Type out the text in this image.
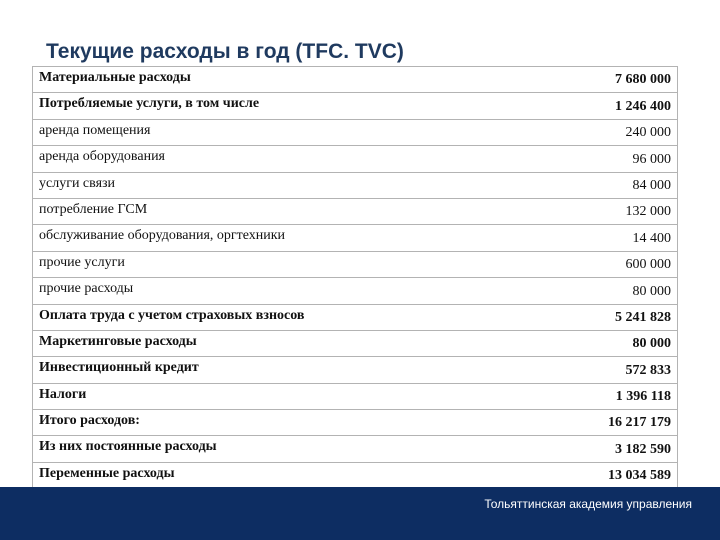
Текущие расходы в год (TFC. TVC)
Материальные расходы	7 680 000
Потребляемые услуги, в том числе	1 246 400
аренда помещения	240 000
аренда оборудования	96 000
услуги связи	84 000
потребление ГСМ	132 000
обслуживание оборудования, оргтехники	14 400
прочие услуги	600 000
прочие расходы	80 000
Оплата труда с учетом страховых взносов	5 241 828
Маркетинговые расходы	80 000
Инвестиционный кредит	572 833
Налоги	1 396 118
Итого расходов:	16 217 179
Из них постоянные расходы	3 182 590
Переменные расходы	13 034 589
Тольяттинская академия управления
